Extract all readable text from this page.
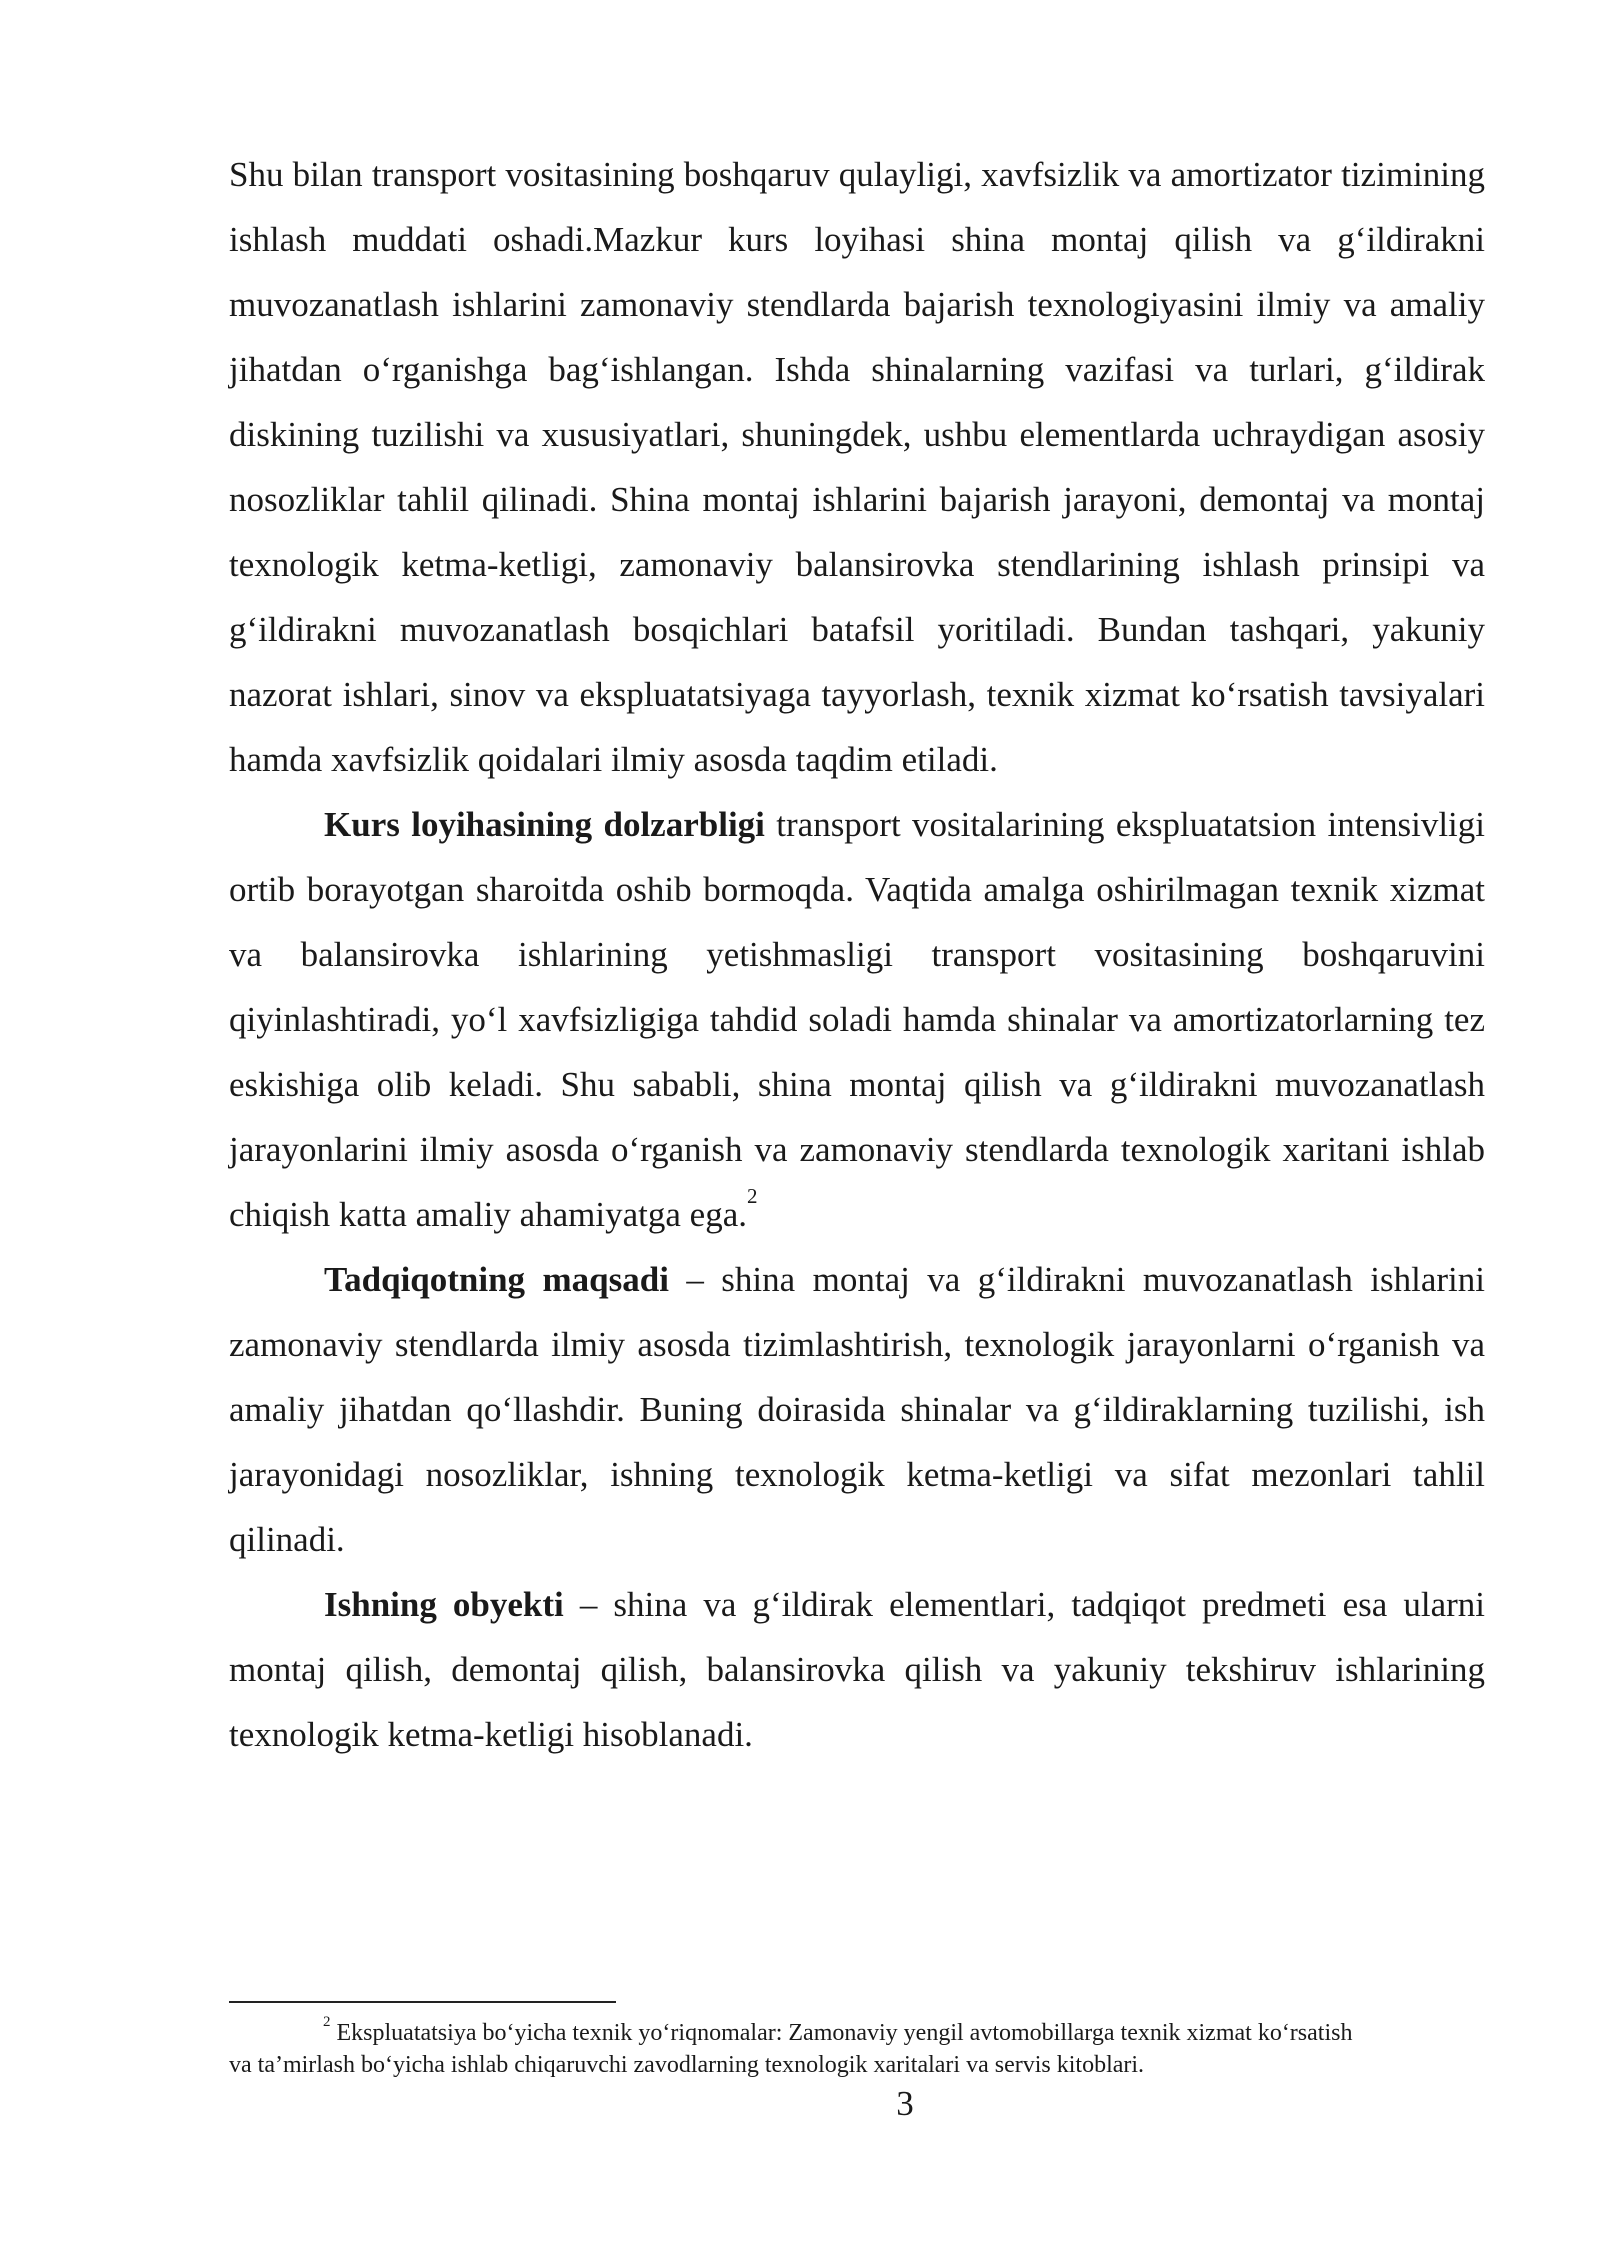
Shu bilan transport vositasining boshqaruv qulayligi, xavfsizlik va amortizator tizimining ishlash muddati oshadi.Mazkur kurs loyihasi shina montaj qilish va g‘ildirakni muvozanatlash ishlarini zamonaviy stendlarda bajarish texnologiyasini ilmiy va amaliy jihatdan o‘rganishga bag‘ishlangan. Ishda shinalarning vazifasi va turlari, g‘ildirak diskining tuzilishi va xususiyatlari, shuningdek, ushbu elementlarda uchraydigan asosiy nosozliklar tahlil qilinadi. Shina montaj ishlarini bajarish jarayoni, demontaj va montaj texnologik ketma-ketligi, zamonaviy balansirovka stendlarining ishlash prinsipi va g‘ildirakni muvozanatlash bosqichlari batafsil yoritiladi. Bundan tashqari, yakuniy nazorat ishlari, sinov va ekspluatatsiyaga tayyorlash, texnik xizmat ko‘rsatish tavsiyalari hamda xavfsizlik qoidalari ilmiy asosda taqdim etiladi.

Kurs loyihasining dolzarbligi transport vositalarining ekspluatatsion intensivligi ortib borayotgan sharoitda oshib bormoqda. Vaqtida amalga oshirilmagan texnik xizmat va balansirovka ishlarining yetishmasligi transport vositasining boshqaruvini qiyinlashtiradi, yo‘l xavfsizligiga tahdid soladi hamda shinalar va amortizatorlarning tez eskishiga olib keladi. Shu sababli, shina montaj qilish va g‘ildirakni muvozanatlash jarayonlarini ilmiy asosda o‘rganish va zamonaviy stendlarda texnologik xaritani ishlab chiqish katta amaliy ahamiyatga ega.$^2$

Tadqiqotning maqsadi – shina montaj va g‘ildirakni muvozanatlash ishlarini zamonaviy stendlarda ilmiy asosda tizimlashtirish, texnologik jarayonlarni o‘rganish va amaliy jihatdan qo‘llashdir. Buning doirasida shinalar va g‘ildiraklarning tuzilishi, ish jarayonidagi nosozliklar, ishning texnologik ketma-ketligi va sifat mezonlari tahlil qilinadi.

Ishning obyekti – shina va g‘ildirak elementlari, tadqiqot predmeti esa ularni montaj qilish, demontaj qilish, balansirovka qilish va yakuniy tekshiruv ishlarining texnologik ketma-ketligi hisoblanadi.

$^2$ Ekspluatatsiya bo‘yicha texnik yo‘riqnomalar: Zamonaviy yengil avtomobillarga texnik xizmat ko‘rsatish
va ta’mirlash bo‘yicha ishlab chiqaruvchi zavodlarning texnologik xaritalari va servis kitoblari.
3
